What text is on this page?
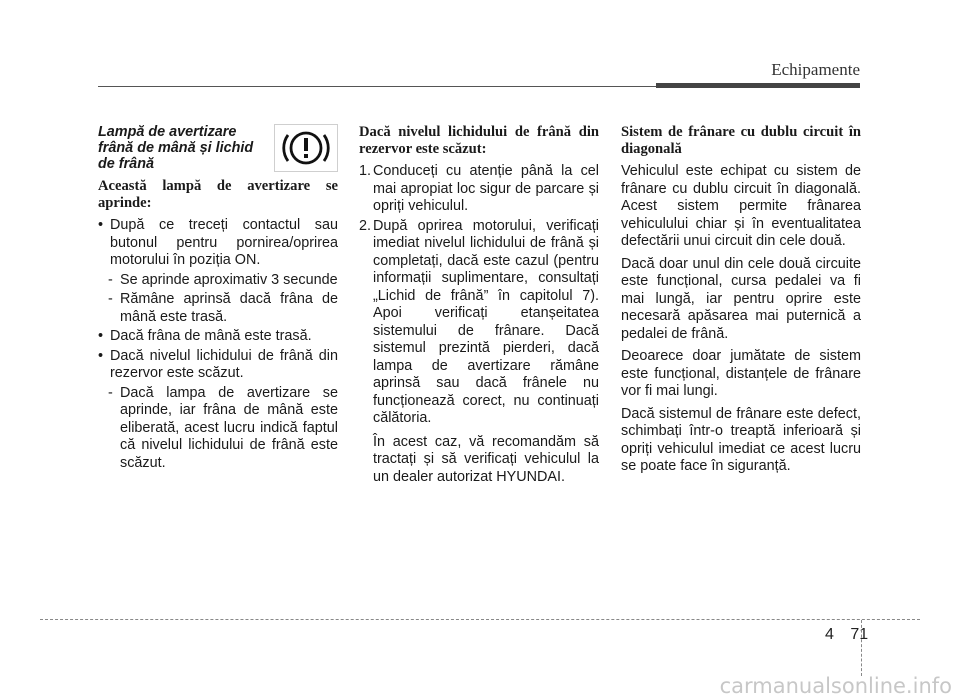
Echipamente
Lampă de avertizare
frână de mână și lichid
de frână

Această lampă de avertizare se aprinde:

• După ce treceți contactul sau butonul pentru pornirea/oprirea motorului în poziția ON.
- Se aprinde aproximativ 3 secunde
- Rămâne aprinsă dacă frâna de mână este trasă.
• Dacă frâna de mână este trasă.
• Dacă nivelul lichidului de frână din rezervor este scăzut.
- Dacă lampa de avertizare se aprinde, iar frâna de mână este eliberată, acest lucru indică faptul că nivelul lichidului de frână este scăzut.

Dacă nivelul lichidului de frână din rezervor este scăzut:

1. Conduceți cu atenție până la cel mai apropiat loc sigur de parcare și opriți vehiculul.
2. După oprirea motorului, verificați imediat nivelul lichidului de frână și completați, dacă este cazul (pentru informații suplimentare, consultați „Lichid de frână” în capitolul 7). Apoi verificați etanșeitatea sistemului de frânare. Dacă sistemul prezintă pierderi, dacă lampa de avertizare rămâne aprinsă sau dacă frânele nu funcționează corect, nu continuați călătoria.

În acest caz, vă recomandăm să tractați și să verificați vehiculul la un dealer autorizat HYUNDAI.

Sistem de frânare cu dublu circuit în diagonală

Vehiculul este echipat cu sistem de frânare cu dublu circuit în diagonală. Acest sistem permite frânarea vehiculului chiar și în eventualitatea defectării unui circuit din cele două.

Dacă doar unul din cele două circuite este funcțional, cursa pedalei va fi mai lungă, iar pentru oprire este necesară apăsarea mai puternică a pedalei de frână.

Deoarece doar jumătate de sistem este funcțional, distanțele de frânare vor fi mai lungi.

Dacă sistemul de frânare este defect, schimbați într-o treaptă inferioară și opriți vehiculul imediat ce acest lucru se poate face în siguranță.

4 71
carmanualsonline.info
